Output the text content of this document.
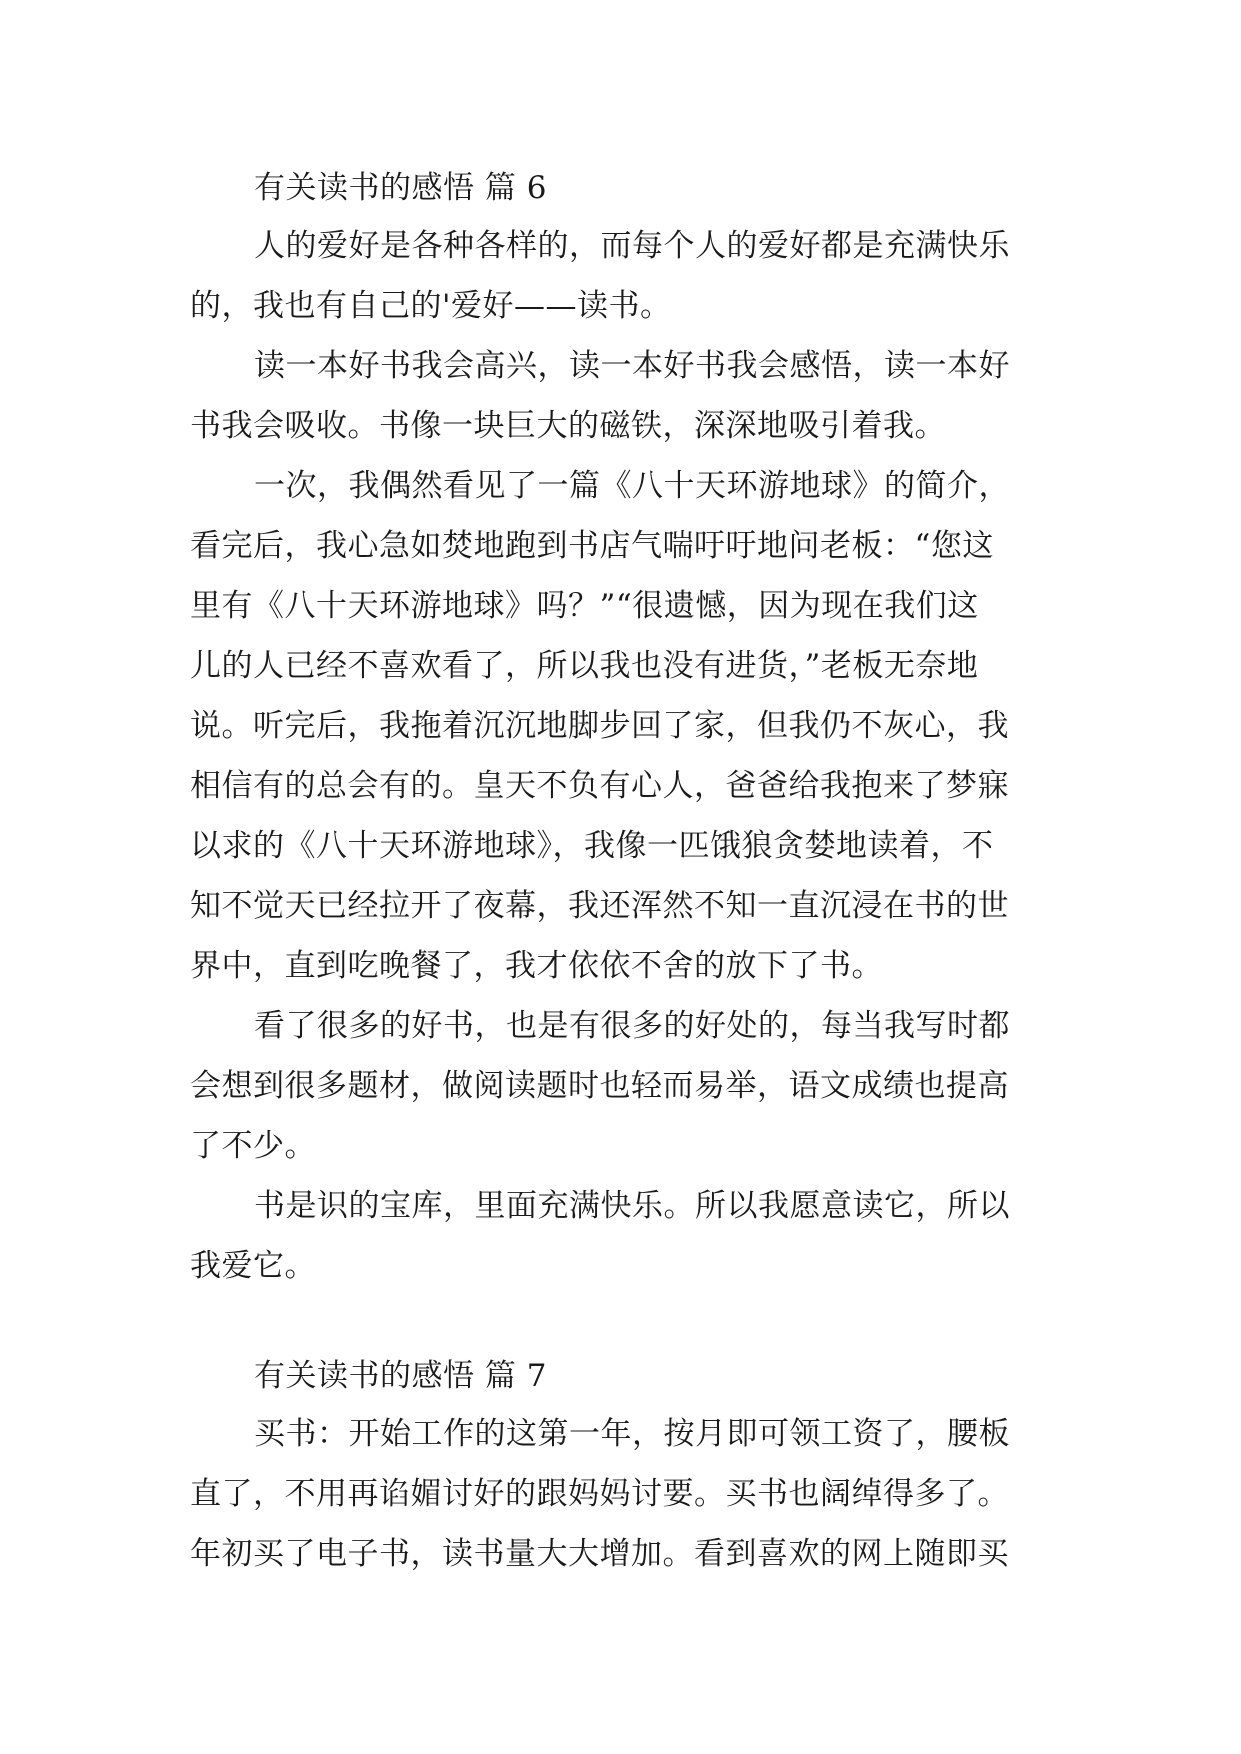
有关读书的感悟 篇 6
人的爱好是各种各样的，而每个人的爱好都是充满快乐
的，我也有自己的'爱好——读书。
读一本好书我会高兴，读一本好书我会感悟，读一本好
书我会吸收。书像一块巨大的磁铁，深深地吸引着我。
一次，我偶然看见了一篇《八十天环游地球》的简介，
看完后，我心急如焚地跑到书店气喘吁吁地问老板：“您这
里有《八十天环游地球》吗？”“很遗憾，因为现在我们这
儿的人已经不喜欢看了，所以我也没有进货，”老板无奈地
说。听完后，我拖着沉沉地脚步回了家，但我仍不灰心，我
相信有的总会有的。皇天不负有心人，爸爸给我抱来了梦寐
以求的《八十天环游地球》，我像一匹饿狼贪婪地读着，不
知不觉天已经拉开了夜幕，我还浑然不知一直沉浸在书的世
界中，直到吃晚餐了，我才依依不舍的放下了书。
看了很多的好书，也是有很多的好处的，每当我写时都
会想到很多题材，做阅读题时也轻而易举，语文成绩也提高
了不少。
书是识的宝库，里面充满快乐。所以我愿意读它，所以
我爱它。
有关读书的感悟 篇 7
买书：开始工作的这第一年，按月即可领工资了，腰板
直了，不用再谄媚讨好的跟妈妈讨要。买书也阔绰得多了。
年初买了电子书，读书量大大增加。看到喜欢的网上随即买
